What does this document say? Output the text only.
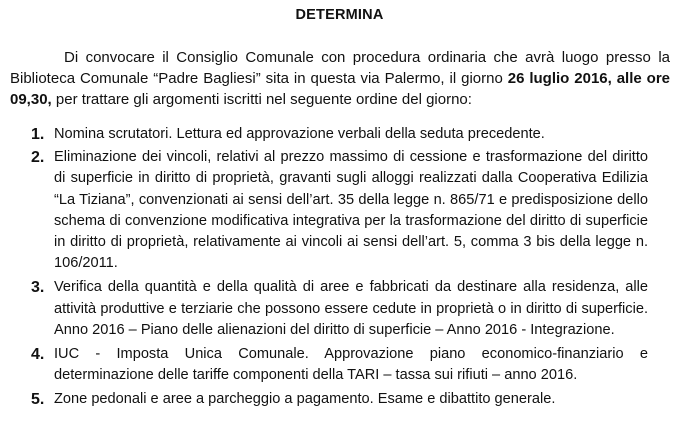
DETERMINA

Di convocare il Consiglio Comunale con procedura ordinaria che avrà luogo presso la Biblioteca Comunale “Padre Bagliesi” sita in questa via Palermo, il giorno 26 luglio 2016, alle ore 09,30, per trattare gli argomenti iscritti nel seguente ordine del giorno:

1. Nomina scrutatori. Lettura ed approvazione verbali della seduta precedente.
2. Eliminazione dei vincoli, relativi al prezzo massimo di cessione e trasformazione del diritto di superficie in diritto di proprietà, gravanti sugli alloggi realizzati dalla Cooperativa Edilizia “La Tiziana”, convenzionati ai sensi dell’art. 35 della legge n. 865/71 e predisposizione dello schema di convenzione modificativa integrativa per la trasformazione del diritto di superficie in diritto di proprietà, relativamente ai vincoli ai sensi dell’art. 5, comma 3 bis della legge n. 106/2011.
3. Verifica della quantità e della qualità di aree e fabbricati da destinare alla residenza, alle attività produttive e terziarie che possono essere cedute in proprietà o in diritto di superficie. Anno 2016 – Piano delle alienazioni del diritto di superficie – Anno 2016 - Integrazione.
4. IUC - Imposta Unica Comunale. Approvazione piano economico-finanziario e determinazione delle tariffe componenti della TARI – tassa sui rifiuti – anno 2016.
5. Zone pedonali e aree a parcheggio a pagamento. Esame e dibattito generale.
